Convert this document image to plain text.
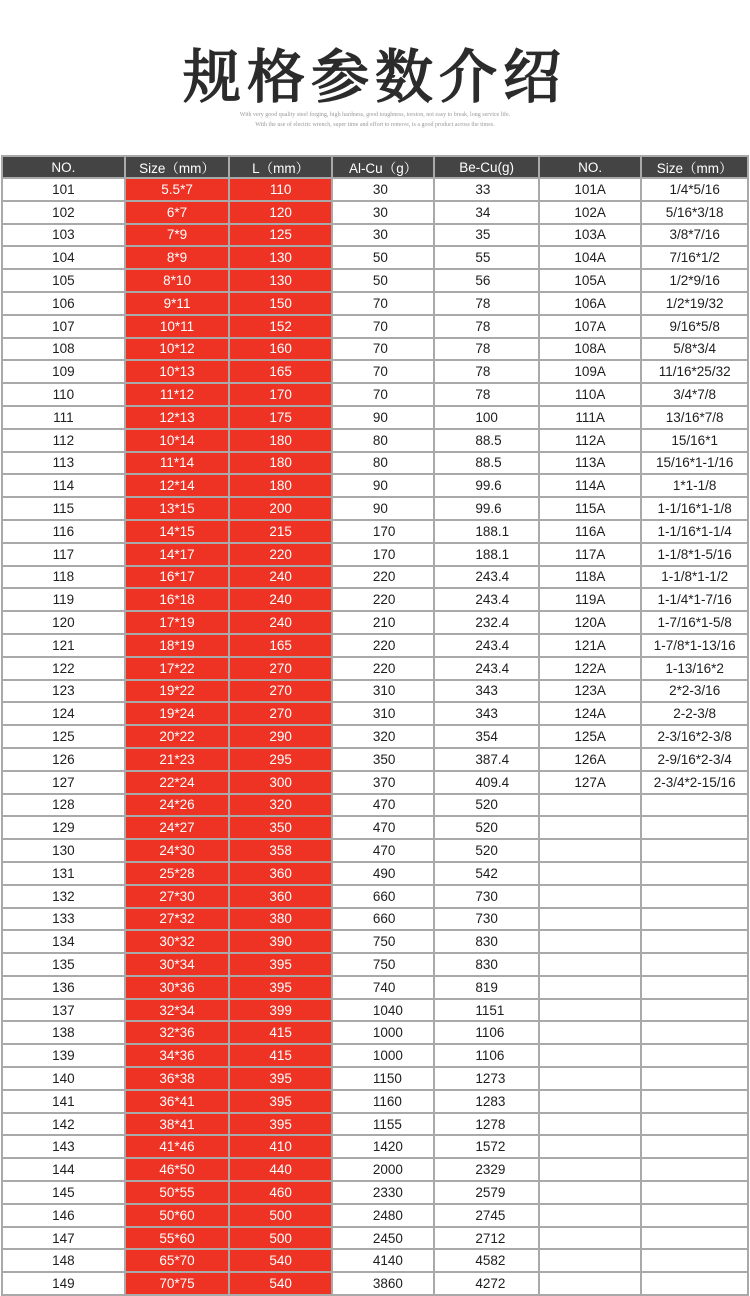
规格参数介绍
With very good quality steel forging, high hardness, good toughness, torsion, not easy to break, long service life.
With the use of electric wrench, super time and effort to remove, is a good product across the times.
NO.	Size（mm）	L（mm）	Al-Cu（g）	Be-Cu(g)	NO.	Size（mm）
101	5.5*7	110	30	33	101A	1/4*5/16
102	6*7	120	30	34	102A	5/16*3/18
103	7*9	125	30	35	103A	3/8*7/16
104	8*9	130	50	55	104A	7/16*1/2
105	8*10	130	50	56	105A	1/2*9/16
106	9*11	150	70	78	106A	1/2*19/32
107	10*11	152	70	78	107A	9/16*5/8
108	10*12	160	70	78	108A	5/8*3/4
109	10*13	165	70	78	109A	11/16*25/32
110	11*12	170	70	78	110A	3/4*7/8
111	12*13	175	90	100	111A	13/16*7/8
112	10*14	180	80	88.5	112A	15/16*1
113	11*14	180	80	88.5	113A	15/16*1-1/16
114	12*14	180	90	99.6	114A	1*1-1/8
115	13*15	200	90	99.6	115A	1-1/16*1-1/8
116	14*15	215	170	188.1	116A	1-1/16*1-1/4
117	14*17	220	170	188.1	117A	1-1/8*1-5/16
118	16*17	240	220	243.4	118A	1-1/8*1-1/2
119	16*18	240	220	243.4	119A	1-1/4*1-7/16
120	17*19	240	210	232.4	120A	1-7/16*1-5/8
121	18*19	165	220	243.4	121A	1-7/8*1-13/16
122	17*22	270	220	243.4	122A	1-13/16*2
123	19*22	270	310	343	123A	2*2-3/16
124	19*24	270	310	343	124A	2-2-3/8
125	20*22	290	320	354	125A	2-3/16*2-3/8
126	21*23	295	350	387.4	126A	2-9/16*2-3/4
127	22*24	300	370	409.4	127A	2-3/4*2-15/16
128	24*26	320	470	520		
129	24*27	350	470	520		
130	24*30	358	470	520		
131	25*28	360	490	542		
132	27*30	360	660	730		
133	27*32	380	660	730		
134	30*32	390	750	830		
135	30*34	395	750	830		
136	30*36	395	740	819		
137	32*34	399	1040	1151		
138	32*36	415	1000	1106		
139	34*36	415	1000	1106		
140	36*38	395	1150	1273		
141	36*41	395	1160	1283		
142	38*41	395	1155	1278		
143	41*46	410	1420	1572		
144	46*50	440	2000	2329		
145	50*55	460	2330	2579		
146	50*60	500	2480	2745		
147	55*60	500	2450	2712		
148	65*70	540	4140	4582		
149	70*75	540	3860	4272		
